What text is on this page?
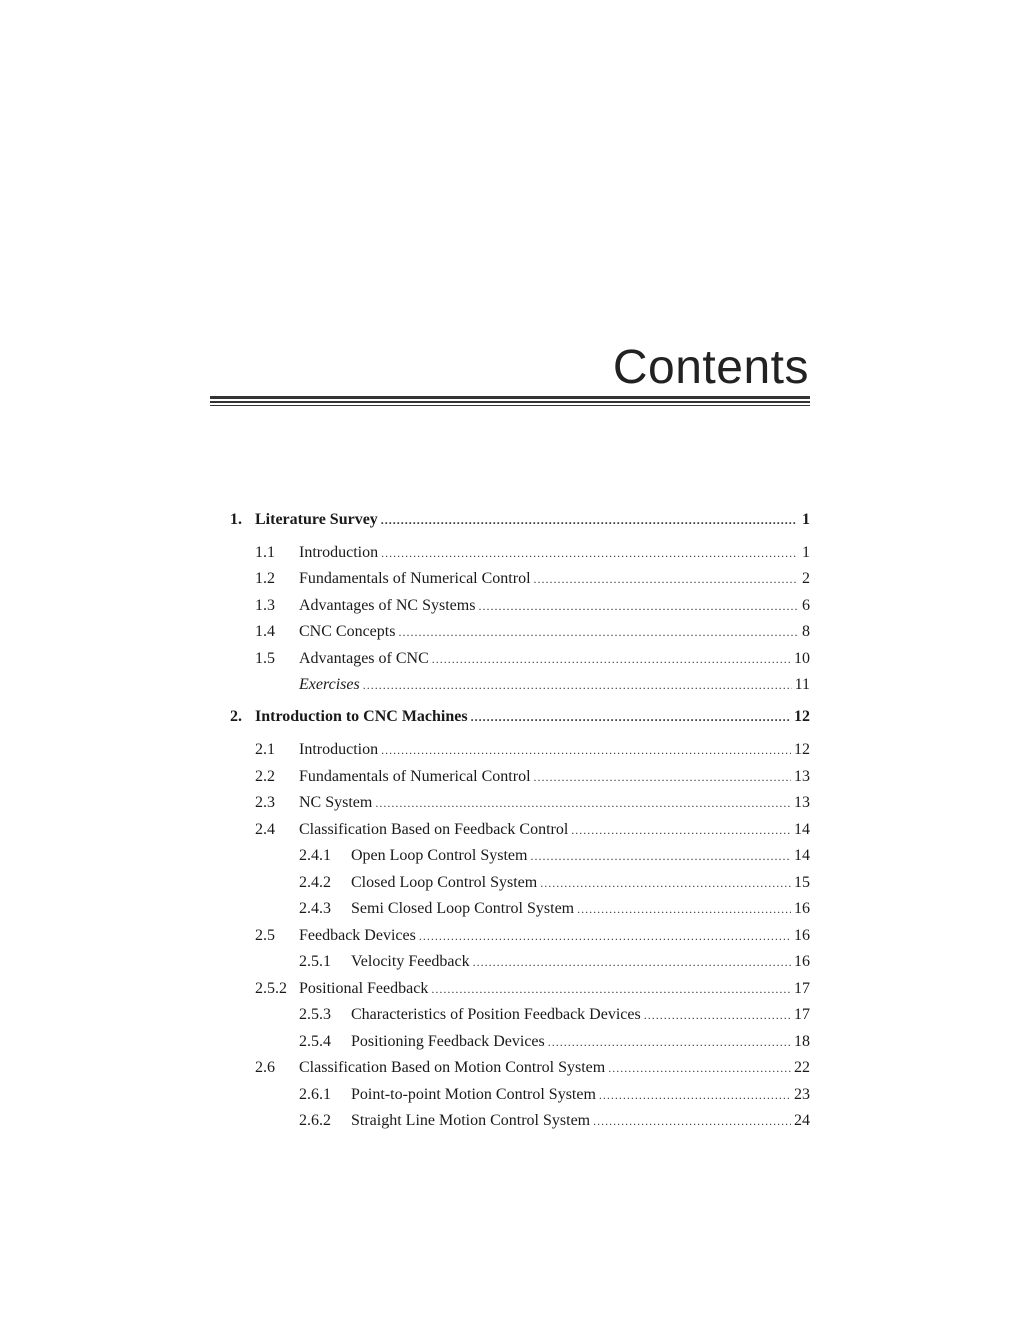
Contents
1. Literature Survey .....	1
1.1	Introduction .....	1
1.2	Fundamentals of Numerical Control .....	2
1.3	Advantages of NC Systems .....	6
1.4	CNC Concepts .....	8
1.5	Advantages of CNC .....	10
Exercises .....	11
2. Introduction to CNC Machines .....	12
2.1	Introduction .....	12
2.2	Fundamentals of Numerical Control .....	13
2.3	NC System .....	13
2.4	Classification Based on Feedback Control .....	14
2.4.1	Open Loop Control System .....	14
2.4.2	Closed Loop Control System .....	15
2.4.3	Semi Closed Loop Control System .....	16
2.5	Feedback Devices .....	16
2.5.1	Velocity Feedback .....	16
2.5.2 Positional Feedback .....	17
2.5.3	Characteristics of Position Feedback Devices .....	17
2.5.4	Positioning Feedback Devices .....	18
2.6	Classification Based on Motion Control System .....	22
2.6.1	Point-to-point Motion Control System .....	23
2.6.2	Straight Line Motion Control System .....	24
